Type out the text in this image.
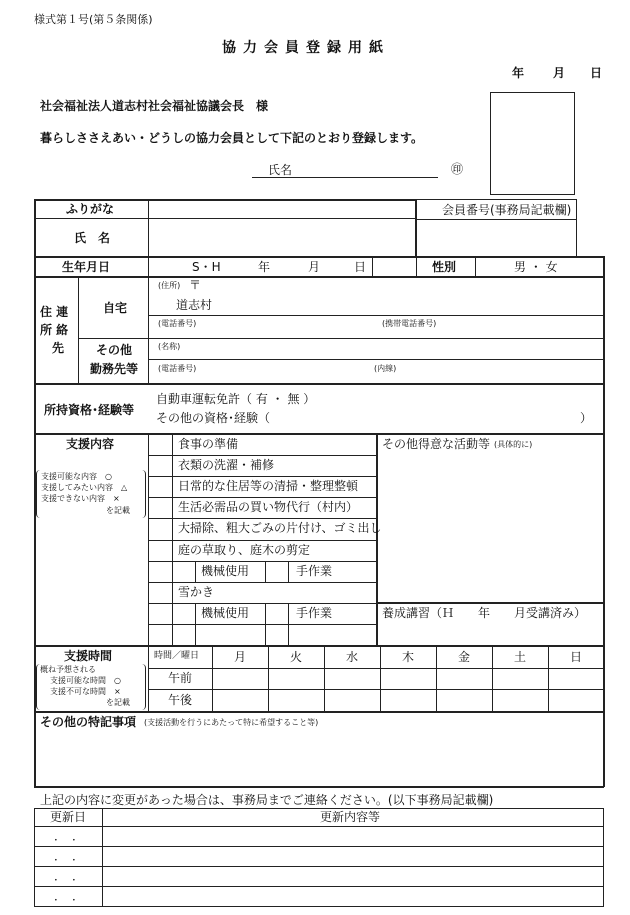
様式第１号(第５条関係)
協力会員登録用紙
年 月 日
社会福祉法人道志村社会福祉協議会長　様
暮らしささえあい・どうしの協力会員として下記のとおり登録します。
氏名	㊞
ふりがな
氏　名
会員番号(事務局記載欄)
生年月日	S・H	年	月	日	性別	男 ・ 女
住 連
所 絡
先
自宅
(住所) 〒
道志村
(電話番号)	(携帯電話番号)
その他
勤務先等
(名称)
(電話番号)	(内線)
所持資格･経験等
自動車運転免許（ 有 ・ 無 ）
その他の資格･経験（	）
支援内容
支援可能な内容　○
支援してみたい内容　△
支援できない内容　×
を記載
食事の準備
衣類の洗濯・補修
日常的な住居等の清掃・整理整頓
生活必需品の買い物代行（村内）
大掃除、粗大ごみの片付け、ゴミ出し
庭の草取り、庭木の剪定
機械使用	手作業
雪かき
機械使用	手作業
その他得意な活動等 (具体的に)
養成講習（Ｈ　　年　　月受講済み）
支援時間
概ね予想される
支援可能な時間　○
支援不可な時間　×
を記載
時間／曜日	月	火	水	木	金	土	日
午前
午後
その他の特記事項 (支援活動を行うにあたって特に希望すること等)
上記の内容に変更があった場合は、事務局までご連絡ください。(以下事務局記載欄)
更新日	更新内容等
．　．
．　．
．　．
．　．
